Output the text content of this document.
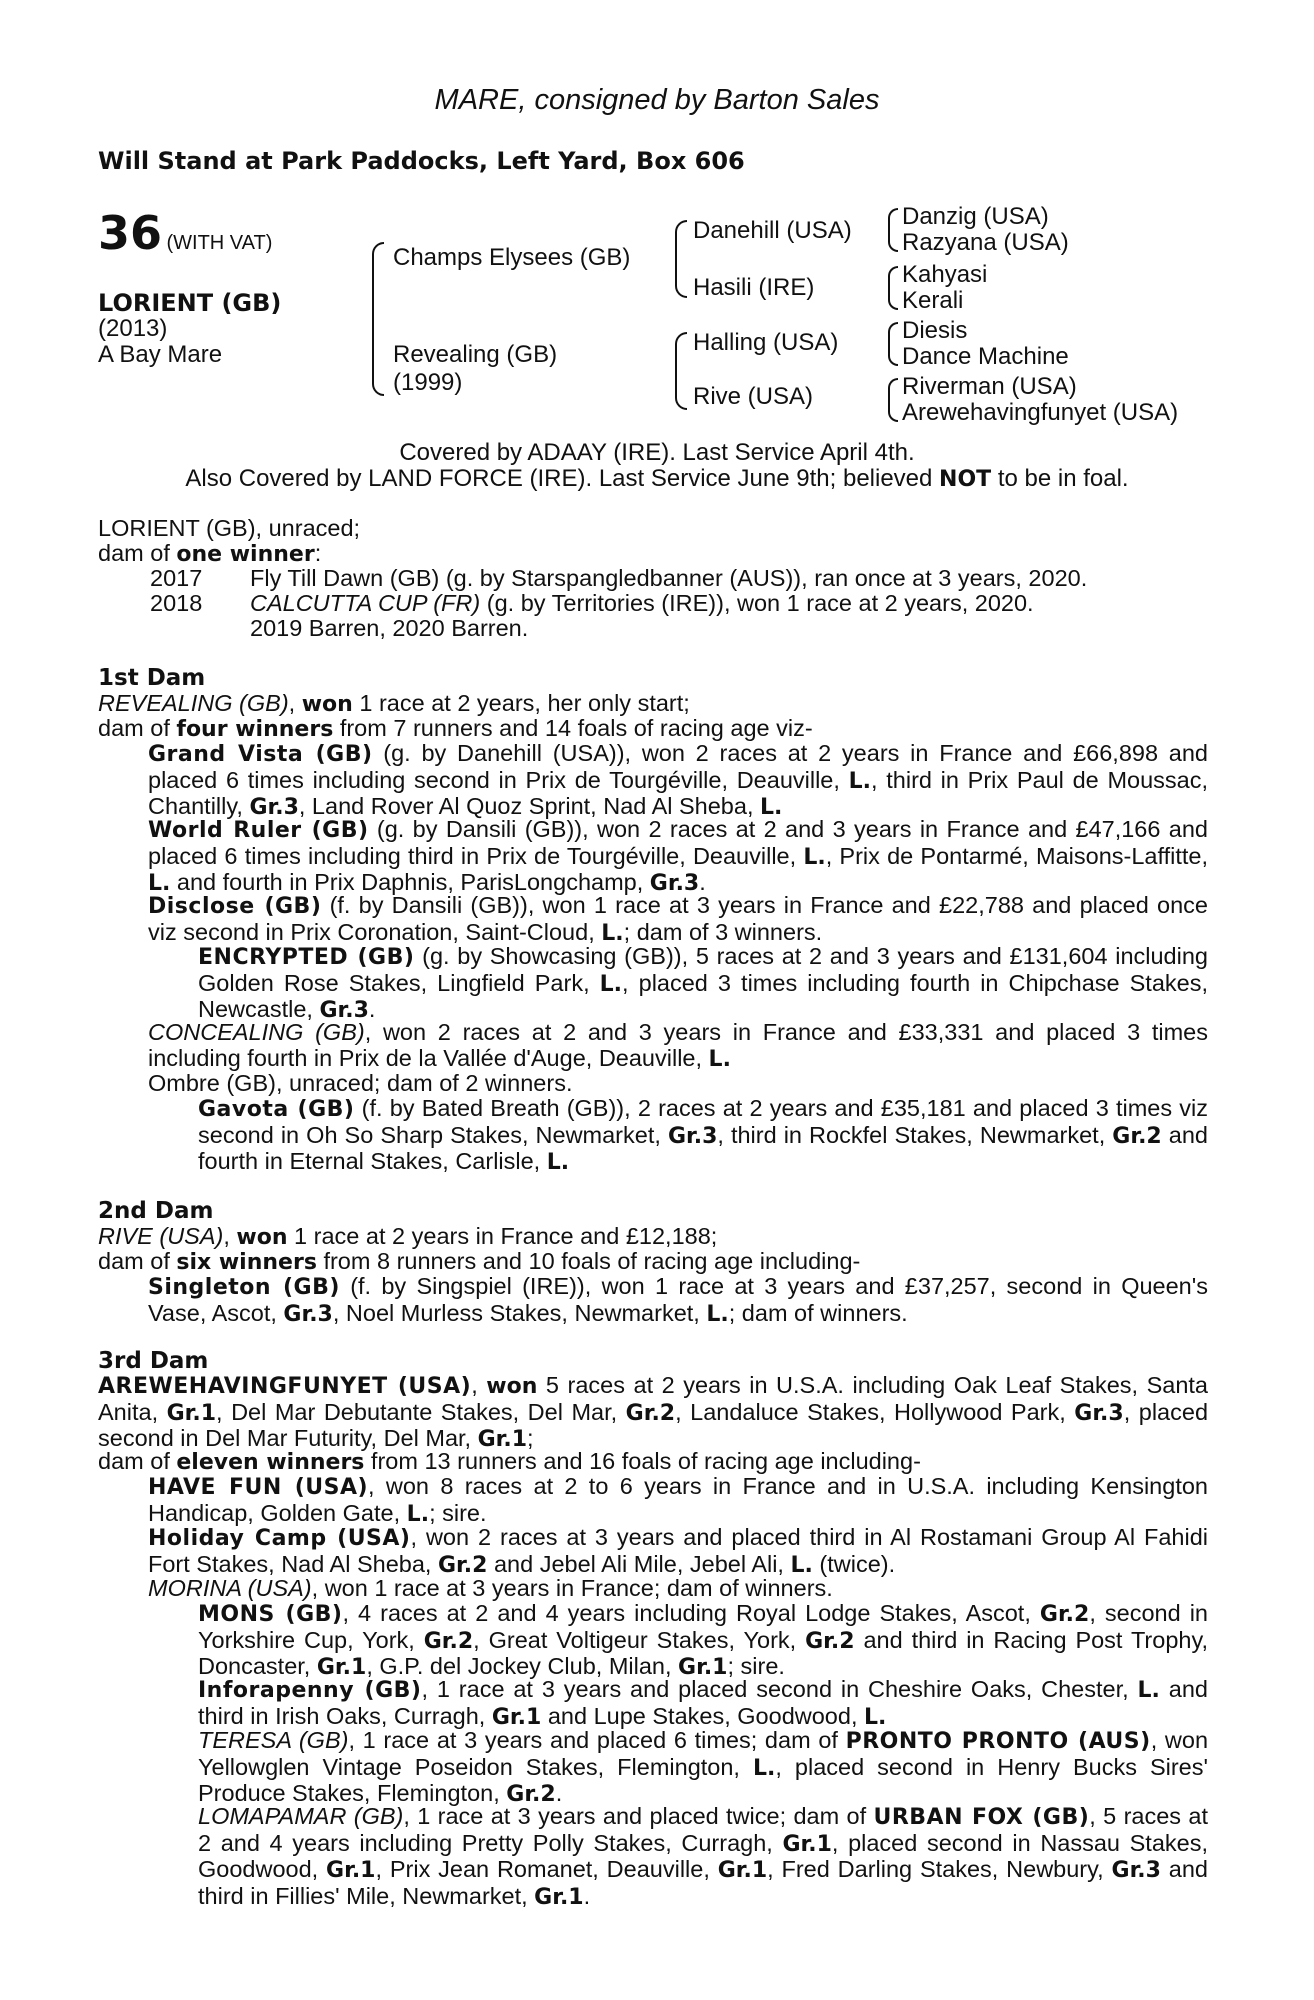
MARE, consigned by Barton Sales
Will Stand at Park Paddocks, Left Yard, Box 606
36 (WITH VAT)
LORIENT (GB)
(2013)
A Bay Mare
Champs Elysees (GB)
Revealing (GB)
(1999)
Danehill (USA)
Hasili (IRE)
Halling (USA)
Rive (USA)
Danzig (USA)
Razyana (USA)
Kahyasi
Kerali
Diesis
Dance Machine
Riverman (USA)
Arewehavingfunyet (USA)
Covered by ADAAY (IRE). Last Service April 4th.
Also Covered by LAND FORCE (IRE). Last Service June 9th; believed NOT to be in foal.
LORIENT (GB), unraced;
dam of one winner:
2017 Fly Till Dawn (GB) (g. by Starspangledbanner (AUS)), ran once at 3 years, 2020.
2018 CALCUTTA CUP (FR) (g. by Territories (IRE)), won 1 race at 2 years, 2020.
2019 Barren, 2020 Barren.
1st Dam
REVEALING (GB), won 1 race at 2 years, her only start;
dam of four winners from 7 runners and 14 foals of racing age viz-
Grand Vista (GB) (g. by Danehill (USA)), won 2 races at 2 years in France and £66,898 and placed 6 times including second in Prix de Tourgéville, Deauville, L., third in Prix Paul de Moussac, Chantilly, Gr.3, Land Rover Al Quoz Sprint, Nad Al Sheba, L.
World Ruler (GB) (g. by Dansili (GB)), won 2 races at 2 and 3 years in France and £47,166 and placed 6 times including third in Prix de Tourgéville, Deauville, L., Prix de Pontarmé, Maisons-Laffitte, L. and fourth in Prix Daphnis, ParisLongchamp, Gr.3.
Disclose (GB) (f. by Dansili (GB)), won 1 race at 3 years in France and £22,788 and placed once viz second in Prix Coronation, Saint-Cloud, L.; dam of 3 winners.
ENCRYPTED (GB) (g. by Showcasing (GB)), 5 races at 2 and 3 years and £131,604 including Golden Rose Stakes, Lingfield Park, L., placed 3 times including fourth in Chipchase Stakes, Newcastle, Gr.3.
CONCEALING (GB), won 2 races at 2 and 3 years in France and £33,331 and placed 3 times including fourth in Prix de la Vallée d'Auge, Deauville, L.
Ombre (GB), unraced; dam of 2 winners.
Gavota (GB) (f. by Bated Breath (GB)), 2 races at 2 years and £35,181 and placed 3 times viz second in Oh So Sharp Stakes, Newmarket, Gr.3, third in Rockfel Stakes, Newmarket, Gr.2 and fourth in Eternal Stakes, Carlisle, L.
2nd Dam
RIVE (USA), won 1 race at 2 years in France and £12,188;
dam of six winners from 8 runners and 10 foals of racing age including-
Singleton (GB) (f. by Singspiel (IRE)), won 1 race at 3 years and £37,257, second in Queen's Vase, Ascot, Gr.3, Noel Murless Stakes, Newmarket, L.; dam of winners.
3rd Dam
AREWEHAVINGFUNYET (USA), won 5 races at 2 years in U.S.A. including Oak Leaf Stakes, Santa Anita, Gr.1, Del Mar Debutante Stakes, Del Mar, Gr.2, Landaluce Stakes, Hollywood Park, Gr.3, placed second in Del Mar Futurity, Del Mar, Gr.1;
dam of eleven winners from 13 runners and 16 foals of racing age including-
HAVE FUN (USA), won 8 races at 2 to 6 years in France and in U.S.A. including Kensington Handicap, Golden Gate, L.; sire.
Holiday Camp (USA), won 2 races at 3 years and placed third in Al Rostamani Group Al Fahidi Fort Stakes, Nad Al Sheba, Gr.2 and Jebel Ali Mile, Jebel Ali, L. (twice).
MORINA (USA), won 1 race at 3 years in France; dam of winners.
MONS (GB), 4 races at 2 and 4 years including Royal Lodge Stakes, Ascot, Gr.2, second in Yorkshire Cup, York, Gr.2, Great Voltigeur Stakes, York, Gr.2 and third in Racing Post Trophy, Doncaster, Gr.1, G.P. del Jockey Club, Milan, Gr.1; sire.
Inforapenny (GB), 1 race at 3 years and placed second in Cheshire Oaks, Chester, L. and third in Irish Oaks, Curragh, Gr.1 and Lupe Stakes, Goodwood, L.
TERESA (GB), 1 race at 3 years and placed 6 times; dam of PRONTO PRONTO (AUS), won Yellowglen Vintage Poseidon Stakes, Flemington, L., placed second in Henry Bucks Sires' Produce Stakes, Flemington, Gr.2.
LOMAPAMAR (GB), 1 race at 3 years and placed twice; dam of URBAN FOX (GB), 5 races at 2 and 4 years including Pretty Polly Stakes, Curragh, Gr.1, placed second in Nassau Stakes, Goodwood, Gr.1, Prix Jean Romanet, Deauville, Gr.1, Fred Darling Stakes, Newbury, Gr.3 and third in Fillies' Mile, Newmarket, Gr.1.
